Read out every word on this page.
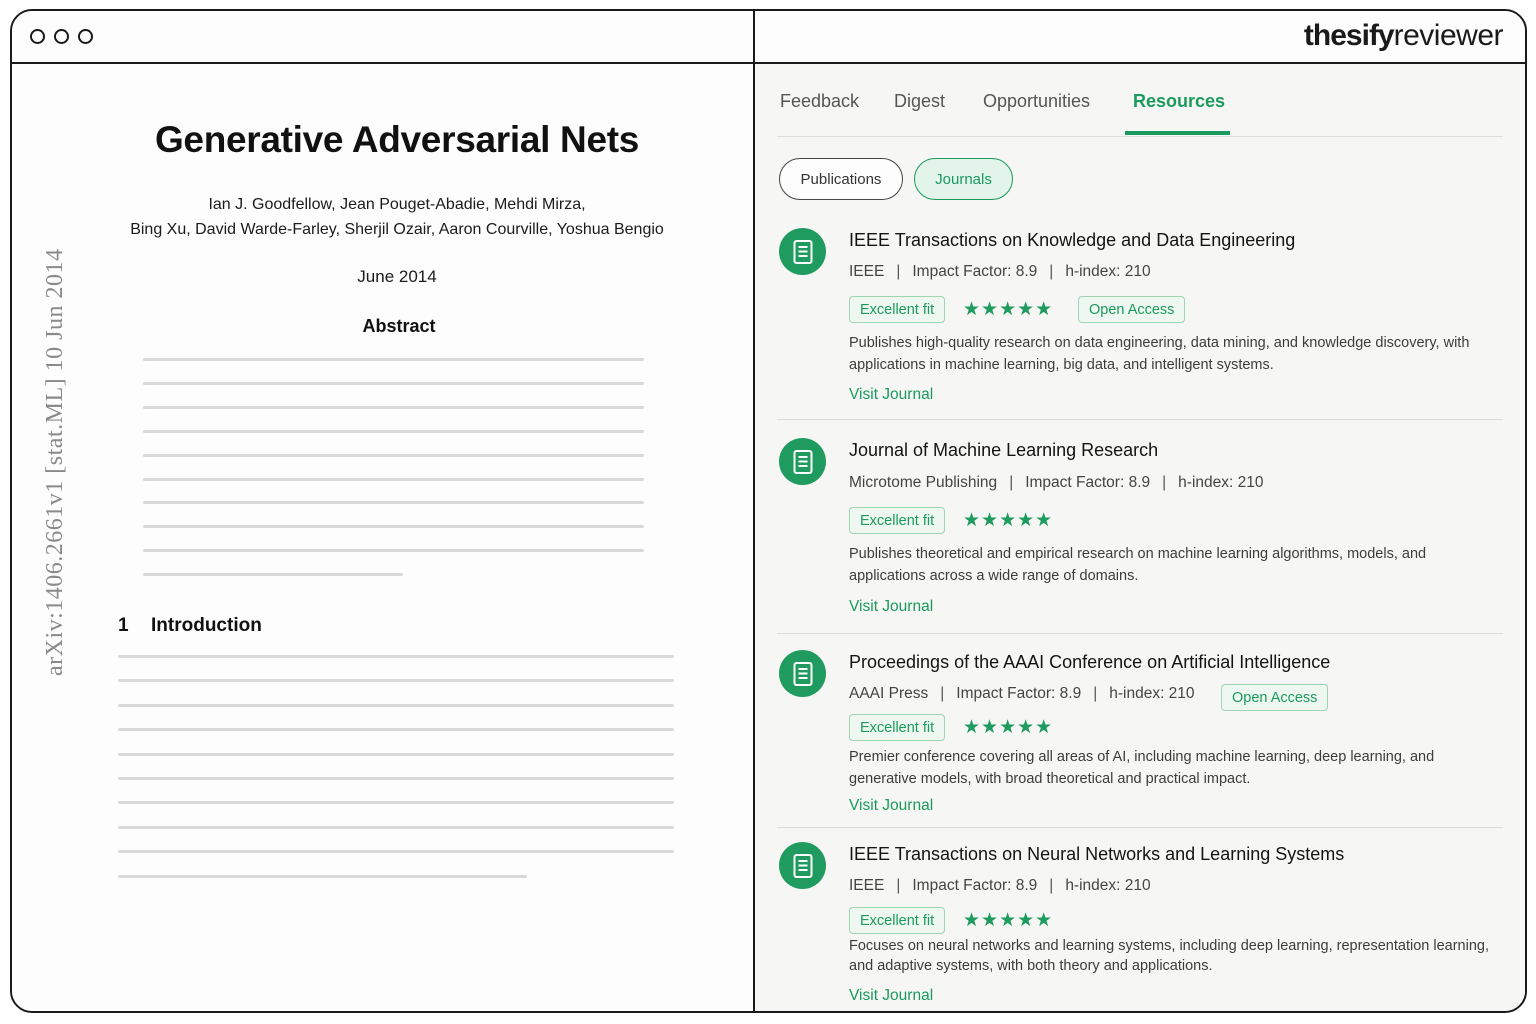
arXiv:1406.2661v1 [stat.ML] 10 Jun 2014
Generative Adversarial Nets
Ian J. Goodfellow, Jean Pouget-Abadie, Mehdi Mirza,
Bing Xu, David Warde-Farley, Sherjil Ozair, Aaron Courville, Yoshua Bengio
June 2014
Abstract
1 Introduction
thesifyreviewer
Feedback Digest Opportunities Resources
Publications	Journals
IEEE Transactions on Knowledge and Data Engineering
IEEE | Impact Factor: 8.9 | h-index: 210
Excellent fit	★★★★★	Open Access
Publishes high-quality research on data engineering, data mining, and knowledge discovery, with applications in machine learning, big data, and intelligent systems.
Visit Journal
Journal of Machine Learning Research
Microtome Publishing | Impact Factor: 8.9 | h-index: 210
Excellent fit	★★★★★
Publishes theoretical and empirical research on machine learning algorithms, models, and applications across a wide range of domains.
Visit Journal
Proceedings of the AAAI Conference on Artificial Intelligence
AAAI Press | Impact Factor: 8.9 | h-index: 210	Open Access
Excellent fit	★★★★★
Premier conference covering all areas of AI, including machine learning, deep learning, and generative models, with broad theoretical and practical impact.
Visit Journal
IEEE Transactions on Neural Networks and Learning Systems
IEEE | Impact Factor: 8.9 | h-index: 210
Excellent fit	★★★★★
Focuses on neural networks and learning systems, including deep learning, representation learning, and adaptive systems, with both theory and applications.
Visit Journal
